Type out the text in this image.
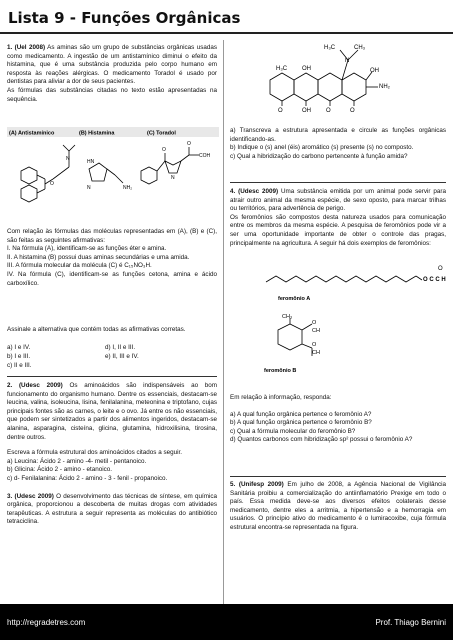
Lista 9 - Funções Orgânicas

1. (Uel 2008) As aminas são um grupo de substâncias orgânicas usadas como medicamento. A ingestão de um antistamínico diminui o efeito da histamina, que é uma substância produzida pelo corpo humano em resposta às reações alérgicas. O medicamento Toradol é usado por dentistas para aliviar a dor de seus pacientes.

As fórmulas das substâncias citadas no texto estão apresentadas na sequência.

(A) Antistamínico	(B) Histamina	(C) Toradol
O
N	HN
N	NH₂
O
N
O
COH

Com relação às fórmulas das moléculas representadas em (A), (B) e (C), são feitas as seguintes afirmativas:

I. Na fórmula (A), identificam-se as funções éter e amina.

II. A histamina (B) possui duas aminas secundárias e uma amida.

III. A fórmula molecular da molécula (C) é C₁₅NO₃H.

IV. Na fórmula (C), identificam-se as funções cetona, amina e ácido carboxílico.

Assinale a alternativa que contém todas as afirmativas corretas.

a) I e IV.
b) I e III.
c) II e III.
d) I, II e III.
e) II, III e IV.

2. (Udesc 2009) Os aminoácidos são indispensáveis ao bom funcionamento do organismo humano. Dentre os essenciais, destacam-se leucina, valina, isoleucina, lisina, fenilalanina, meteonina e triptofano, cujas principais fontes são as carnes, o leite e o ovo. Já entre os não essenciais, que podem ser sintetizados a partir dos alimentos ingeridos, destacam-se alanina, asparagina, cisteína, glicina, glutamina, hidroxilisina, tirosina, dentre outros.

Escreva a fórmula estrutural dos aminoácidos citados a seguir.

a) Leucina: Ácido 2 - amino -4- metil - pentanoico.

b) Glicina: Ácido 2 - amino - etanoico.

c) d- Fenilalanina: Ácido 2 - amino - 3 - fenil - propanoico.

3. (Udesc 2009) O desenvolvimento das técnicas de síntese, em química orgânica, proporcionou a descoberta de muitas drogas com atividades terapêuticas. A estrutura a seguir representa as moléculas do antibiótico tetraciclina.

H₃C	CH₃
N
H₃C OH	OH
NH₂
O	OH	O	O

a) Transcreva a estrutura apresentada e circule as funções orgânicas identificando-as.

b) Indique o (s) anel (éis) aromático (s) presente (s) no composto.

c) Qual a hibridização do carbono pertencente à função amida?

4. (Udesc 2009) Uma substância emitida por um animal pode servir para atrair outro animal da mesma espécie, de sexo oposto, para marcar trilhas ou territórios, para advertência de perigo.

Os feromônios são compostos desta natureza usados para comunicação entre os membros da mesma espécie. A pesquisa de feromônios pode vir a ser uma oportunidade importante de obter o controle das pragas, principalmente na agricultura. A seguir há dois exemplos de feromônios:

O C C H₃
O
feromônio A
CH₃
O
CH
O
CH
feromônio B

Em relação à informação, responda:

a) A qual função orgânica pertence o feromônio A?

b) A qual função orgânica pertence o feromônio B?

c) Qual a fórmula molecular do feromônio B?

d) Quantos carbonos com hibridização sp² possui o feromônio A?

5. (Unifesp 2009) Em julho de 2008, a Agência Nacional de Vigilância Sanitária proibiu a comercialização do antiinflamatório Prexige em todo o país. Essa medida deve-se aos diversos efeitos colaterais desse medicamento, dentre eles a arritmia, a hipertensão e a hemorragia em usuários. O princípio ativo do medicamento é o lumiracoxibe, cuja fórmula estrutural encontra-se representada na figura.

http://regradetres.com	Prof. Thiago Bernini
